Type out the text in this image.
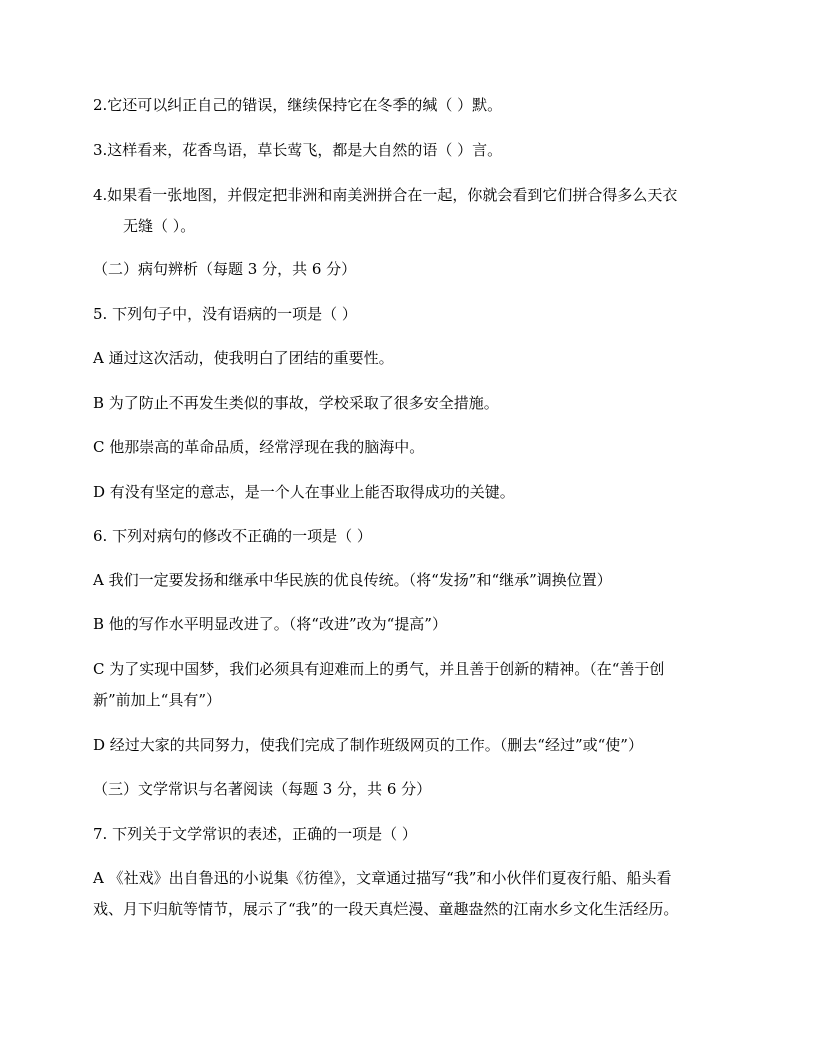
2.它还可以纠正自己的错误，继续保持它在冬季的缄（ ）默。
3.这样看来，花香鸟语，草长莺飞，都是大自然的语（ ）言。
4.如果看一张地图，并假定把非洲和南美洲拼合在一起，你就会看到它们拼合得多么天衣
无缝（ ）。
（二）病句辨析（每题 3 分，共 6 分）
5. 下列句子中，没有语病的一项是（ ）
A 通过这次活动，使我明白了团结的重要性。
B 为了防止不再发生类似的事故，学校采取了很多安全措施。
C 他那崇高的革命品质，经常浮现在我的脑海中。
D 有没有坚定的意志，是一个人在事业上能否取得成功的关键。
6. 下列对病句的修改不正确的一项是（ ）
A 我们一定要发扬和继承中华民族的优良传统。（将“发扬”和“继承”调换位置）
B 他的写作水平明显改进了。（将“改进”改为“提高”）
C 为了实现中国梦，我们必须具有迎难而上的勇气，并且善于创新的精神。（在“善于创
新”前加上“具有”）
D 经过大家的共同努力，使我们完成了制作班级网页的工作。（删去“经过”或“使”）
（三）文学常识与名著阅读（每题 3 分，共 6 分）
7. 下列关于文学常识的表述，正确的一项是（ ）
A 《社戏》出自鲁迅的小说集《彷徨》，文章通过描写“我”和小伙伴们夏夜行船、船头看
戏、月下归航等情节，展示了“我”的一段天真烂漫、童趣盎然的江南水乡文化生活经历。
